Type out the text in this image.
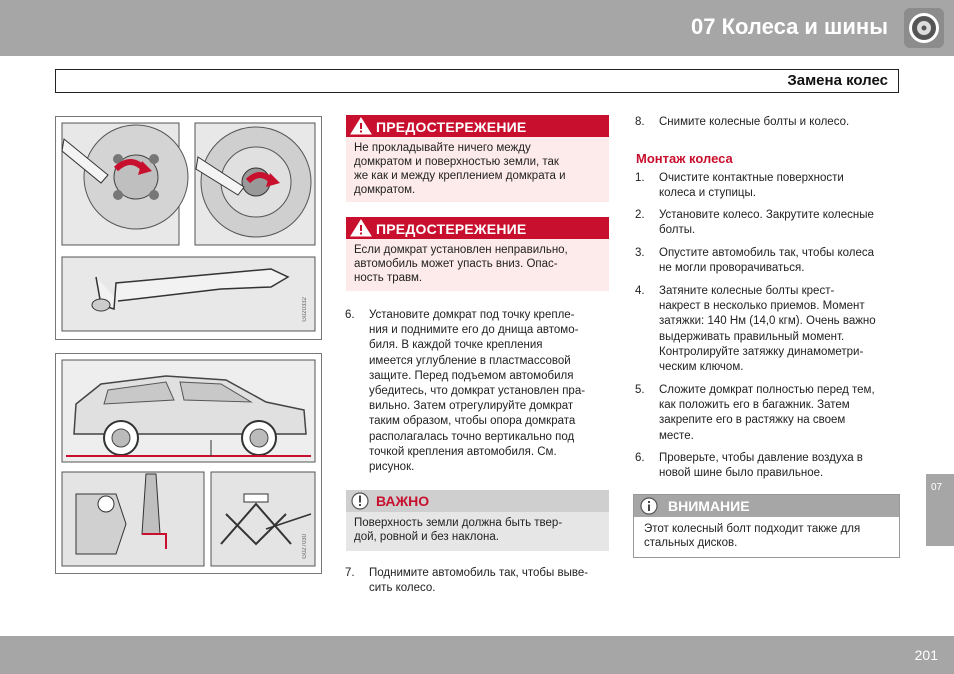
07 Колеса и шины
Замена колес
G020332
G027030
ПРЕДОСТЕРЕЖЕНИЕ
Не прокладывайте ничего между
домкратом и поверхностью земли, так
же как и между креплением домкрата и
домкратом.
ПРЕДОСТЕРЕЖЕНИЕ
Если домкрат установлен неправильно,
автомобиль может упасть вниз. Опас-
ность травм.
6. Установите домкрат под точку крепле-
ния и поднимите его до днища автомо-
биля. В каждой точке крепления
имеется углубление в пластмассовой
защите. Перед подъемом автомобиля
убедитесь, что домкрат установлен пра-
вильно. Затем отрегулируйте домкрат
таким образом, чтобы опора домкрата
располагалась точно вертикально под
точкой крепления автомобиля. См.
рисунок.
ВАЖНО
Поверхность земли должна быть твер-
дой, ровной и без наклона.
7. Поднимите автомобиль так, чтобы выве-
сить колесо.
8. Снимите колесные болты и колесо.
Монтаж колеса
1. Очистите контактные поверхности
колеса и ступицы.
2. Установите колесо. Закрутите колесные
болты.
3. Опустите автомобиль так, чтобы колеса
не могли проворачиваться.
4. Затяните колесные болты крест-
накрест в несколько приемов. Момент
затяжки: 140 Нм (14,0 кгм). Очень важно
выдерживать правильный момент.
Контролируйте затяжку динамометри-
ческим ключом.
5. Сложите домкрат полностью перед тем,
как положить его в багажник. Затем
закрепите его в растяжку на своем
месте.
6. Проверьте, чтобы давление воздуха в
новой шине было правильное.
ВНИМАНИЕ
Этот колесный болт подходит также для
стальных дисков.
07
201
